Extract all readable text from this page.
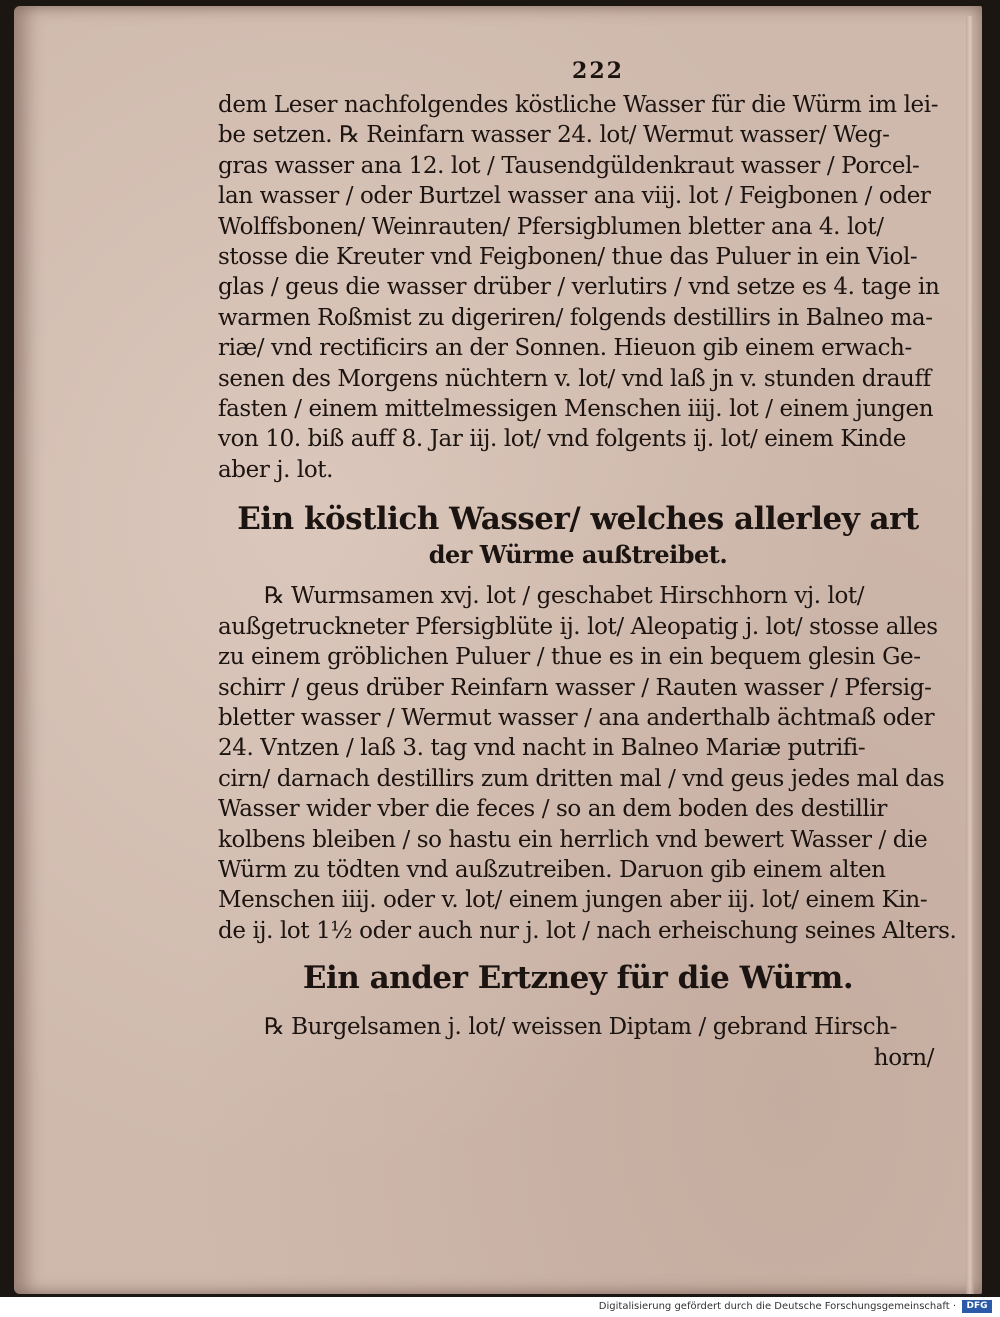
222

dem Leser nachfolgendes köstliche Wasser für die Würm im lei-

be setzen. ℞ Reinfarn wasser 24. lot/ Wermut wasser/ Weg-

gras wasser ana 12. lot / Tausendgüldenkraut wasser / Porcel-

lan wasser / oder Burtzel wasser ana viij. lot / Feigbonen / oder

Wolffsbonen/ Weinrauten/ Pfersigblumen bletter ana 4. lot/

stosse die Kreuter vnd Feigbonen/ thue das Puluer in ein Viol-

glas / geus die wasser drüber / verlutirs / vnd setze es 4. tage in

warmen Roßmist zu digeriren/ folgends destillirs in Balneo ma-

riæ/ vnd rectificirs an der Sonnen. Hieuon gib einem erwach-

senen des Morgens nüchtern v. lot/ vnd laß jn v. stunden drauff

fasten / einem mittelmessigen Menschen iiij. lot / einem jungen

von 10. biß auff 8. Jar iij. lot/ vnd folgents ij. lot/ einem Kinde

aber j. lot.

Ein köstlich Wasser/ welches allerley art
der Würme außtreibet.

℞ Wurmsamen xvj. lot / geschabet Hirschhorn vj. lot/

außgetruckneter Pfersigblüte ij. lot/ Aleopatig j. lot/ stosse alles

zu einem gröblichen Puluer / thue es in ein bequem glesin Ge-

schirr / geus drüber Reinfarn wasser / Rauten wasser / Pfersig-

bletter wasser / Wermut wasser / ana anderthalb ächtmaß oder

24. Vntzen / laß 3. tag vnd nacht in Balneo Mariæ putrifi-

cirn/ darnach destillirs zum dritten mal / vnd geus jedes mal das

Wasser wider vber die feces / so an dem boden des destillir

kolbens bleiben / so hastu ein herrlich vnd bewert Wasser / die

Würm zu tödten vnd außzutreiben. Daruon gib einem alten

Menschen iiij. oder v. lot/ einem jungen aber iij. lot/ einem Kin-

de ij. lot 1½ oder auch nur j. lot / nach erheischung seines Alters.

Ein ander Ertzney für die Würm.

℞ Burgelsamen j. lot/ weissen Diptam / gebrand Hirsch-

horn/

Digitalisierung gefördert durch die Deutsche Forschungsgemeinschaft ·	DFG
